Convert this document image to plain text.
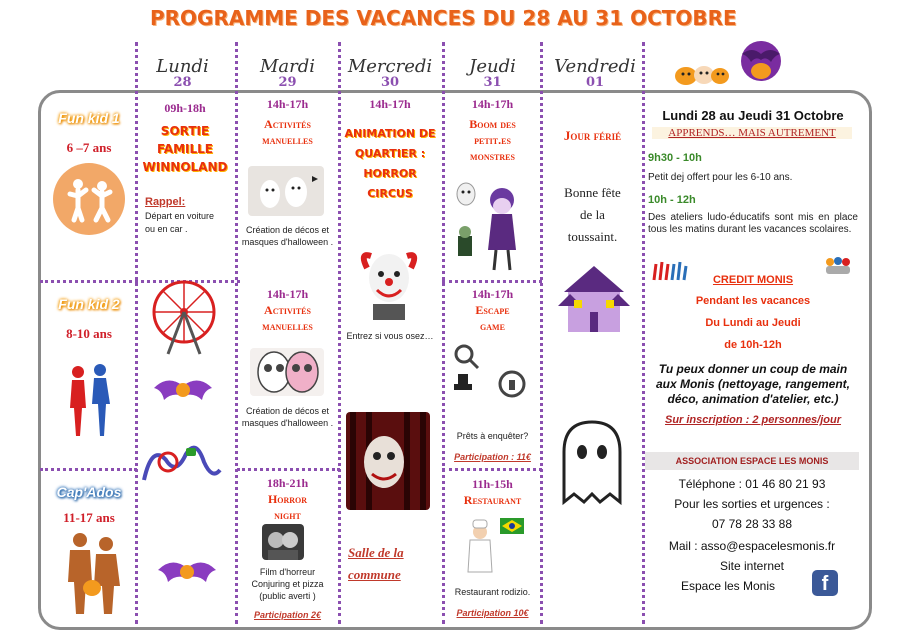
PROGRAMME DES VACANCES DU 28 AU 31 OCTOBRE
Lundi
28
Mardi
29
Mercredi
30
Jeudi
31
Vendredi
01
Fun kid 1
6 –7 ans
Fun kid 2
8-10 ans
Cap'Ados
11-17 ans
09h-18h
SORTIE
FAMILLE
WINNOLAND
Rappel:
Départ en voiture ou en car .
14h-17h
Activités
manuelles
Création de décos et masques d'halloween .
14h-17h
Activités
manuelles
Création de décos et masques d'halloween .
18h-21h
Horror
night
Film d'horreur Conjuring et pizza (public averti )
Participation 2€
14h-17h
ANIMATION DE
QUARTIER :
HORROR
CIRCUS
Entrez si vous osez…
Salle de la
commune
14h-17h
Boom des
petit.es
monstres
14h-17h
Escape
game
Prêts à enquêter?
Participation : 11€
11h-15h
Restaurant
Restaurant rodizio.
Participation 10€
Jour férié
Bonne fête
de la
toussaint.
Lundi 28 au Jeudi 31 Octobre
APPRENDS… MAIS AUTREMENT
9h30 - 10h
Petit dej offert pour les 6-10 ans.
10h - 12h
Des ateliers ludo-éducatifs sont mis en place tous les matins durant les vacances scolaires.
CREDIT MONIS
Pendant les vacances
Du Lundi au Jeudi
de 10h-12h
Tu peux donner un coup de main aux Monis (nettoyage, rangement, déco, animation d'atelier, etc.)
Sur inscription : 2 personnes/jour
ASSOCIATION ESPACE LES MONIS
Téléphone : 01 46 80 21 93
Pour les sorties et urgences :
07 78 28 33 88
Mail : asso@espacelesmonis.fr
Site internet
Espace les Monis	f
